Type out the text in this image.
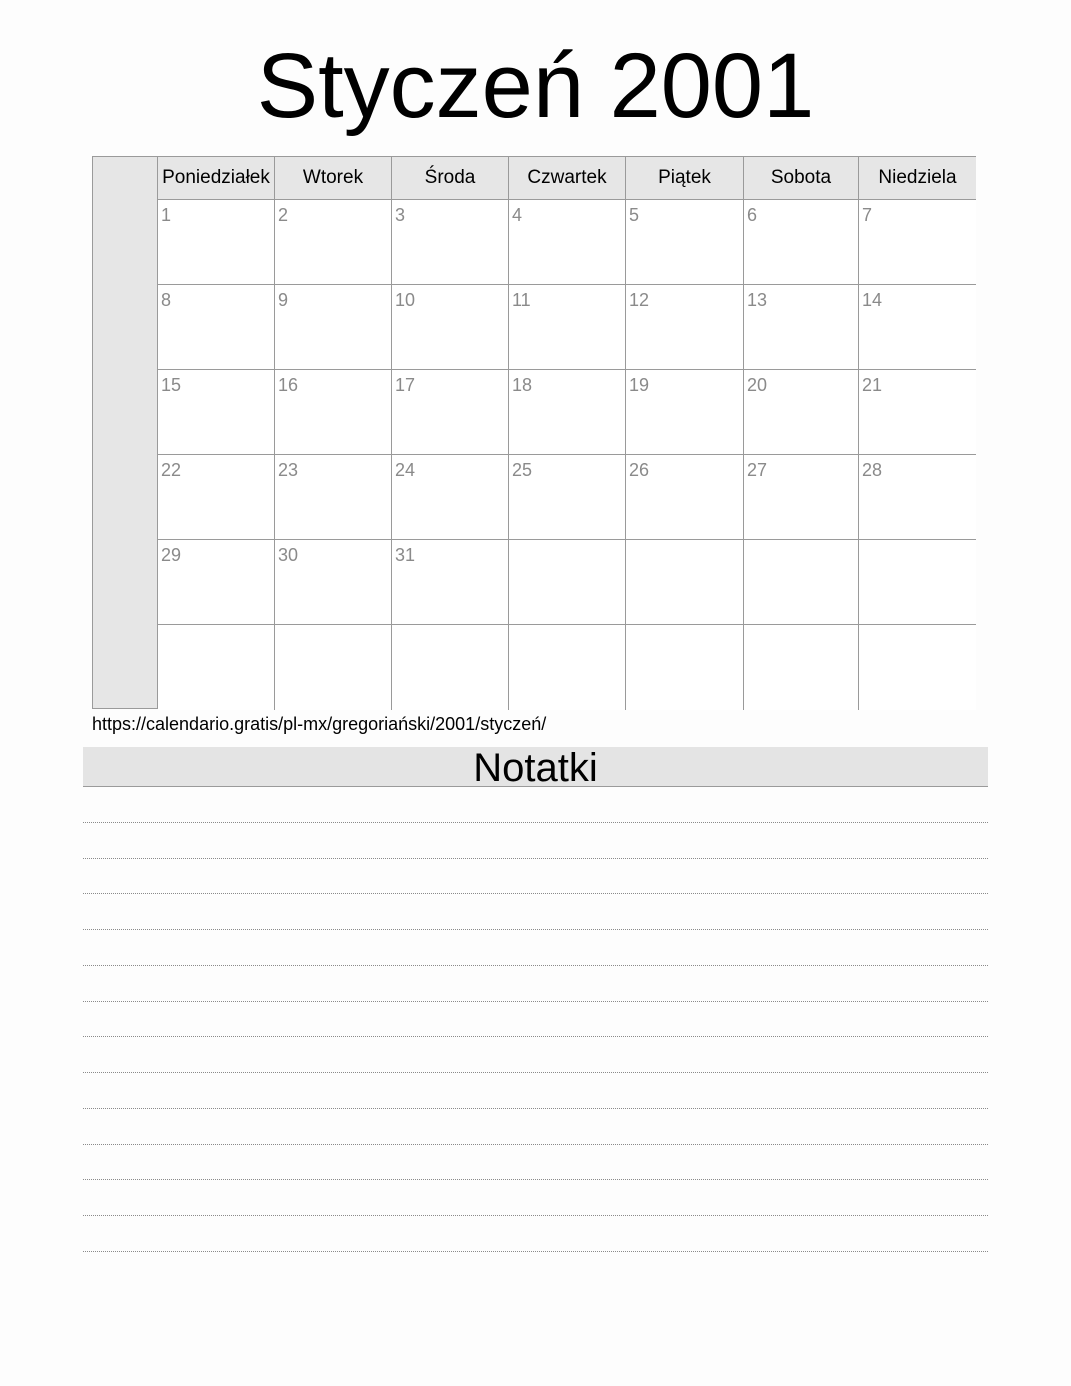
Styczeń 2001
Poniedziałek	Wtorek	Środa	Czwartek	Piątek	Sobota	Niedziela
1	2	3	4	5	6	7
8	9	10	11	12	13	14
15	16	17	18	19	20	21
22	23	24	25	26	27	28
29	30	31
https://calendario.gratis/pl-mx/gregoriański/2001/styczeń/
Notatki
